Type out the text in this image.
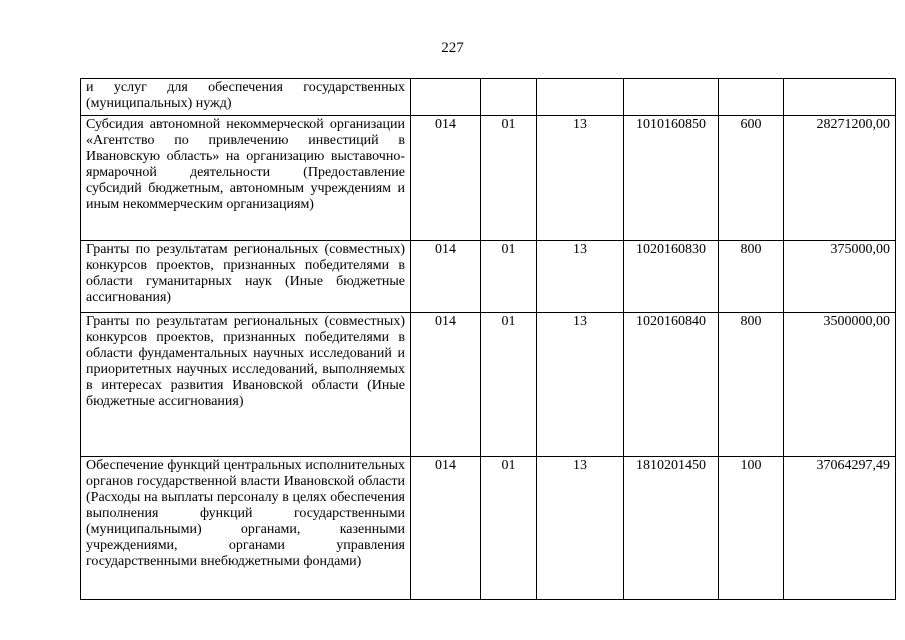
227
и услуг для обеспечения государственных (муниципальных) нужд)						
Субсидия автономной некоммерческой организации «Агентство по привлечению инвестиций в Ивановскую область» на организацию выставочно-ярмарочной деятельности (Предоставление субсидий бюджетным, автономным учреждениям и иным некоммерческим организациям)	014	01	13	1010160850	600	28271200,00
Гранты по результатам региональных (совместных) конкурсов проектов, признанных победителями в области гуманитарных наук (Иные бюджетные ассигнования)	014	01	13	1020160830	800	375000,00
Гранты по результатам региональных (совместных) конкурсов проектов, признанных победителями в области фундаментальных научных исследований и приоритетных научных исследований, выполняемых в интересах развития Ивановской области (Иные бюджетные ассигнования)	014	01	13	1020160840	800	3500000,00
Обеспечение функций центральных исполнительных органов государственной власти Ивановской области (Расходы на выплаты персоналу в целях обеспечения выполнения функций государственными (муниципальными) органами, казенными учреждениями, органами управления государственными внебюджетными фондами)	014	01	13	1810201450	100	37064297,49
